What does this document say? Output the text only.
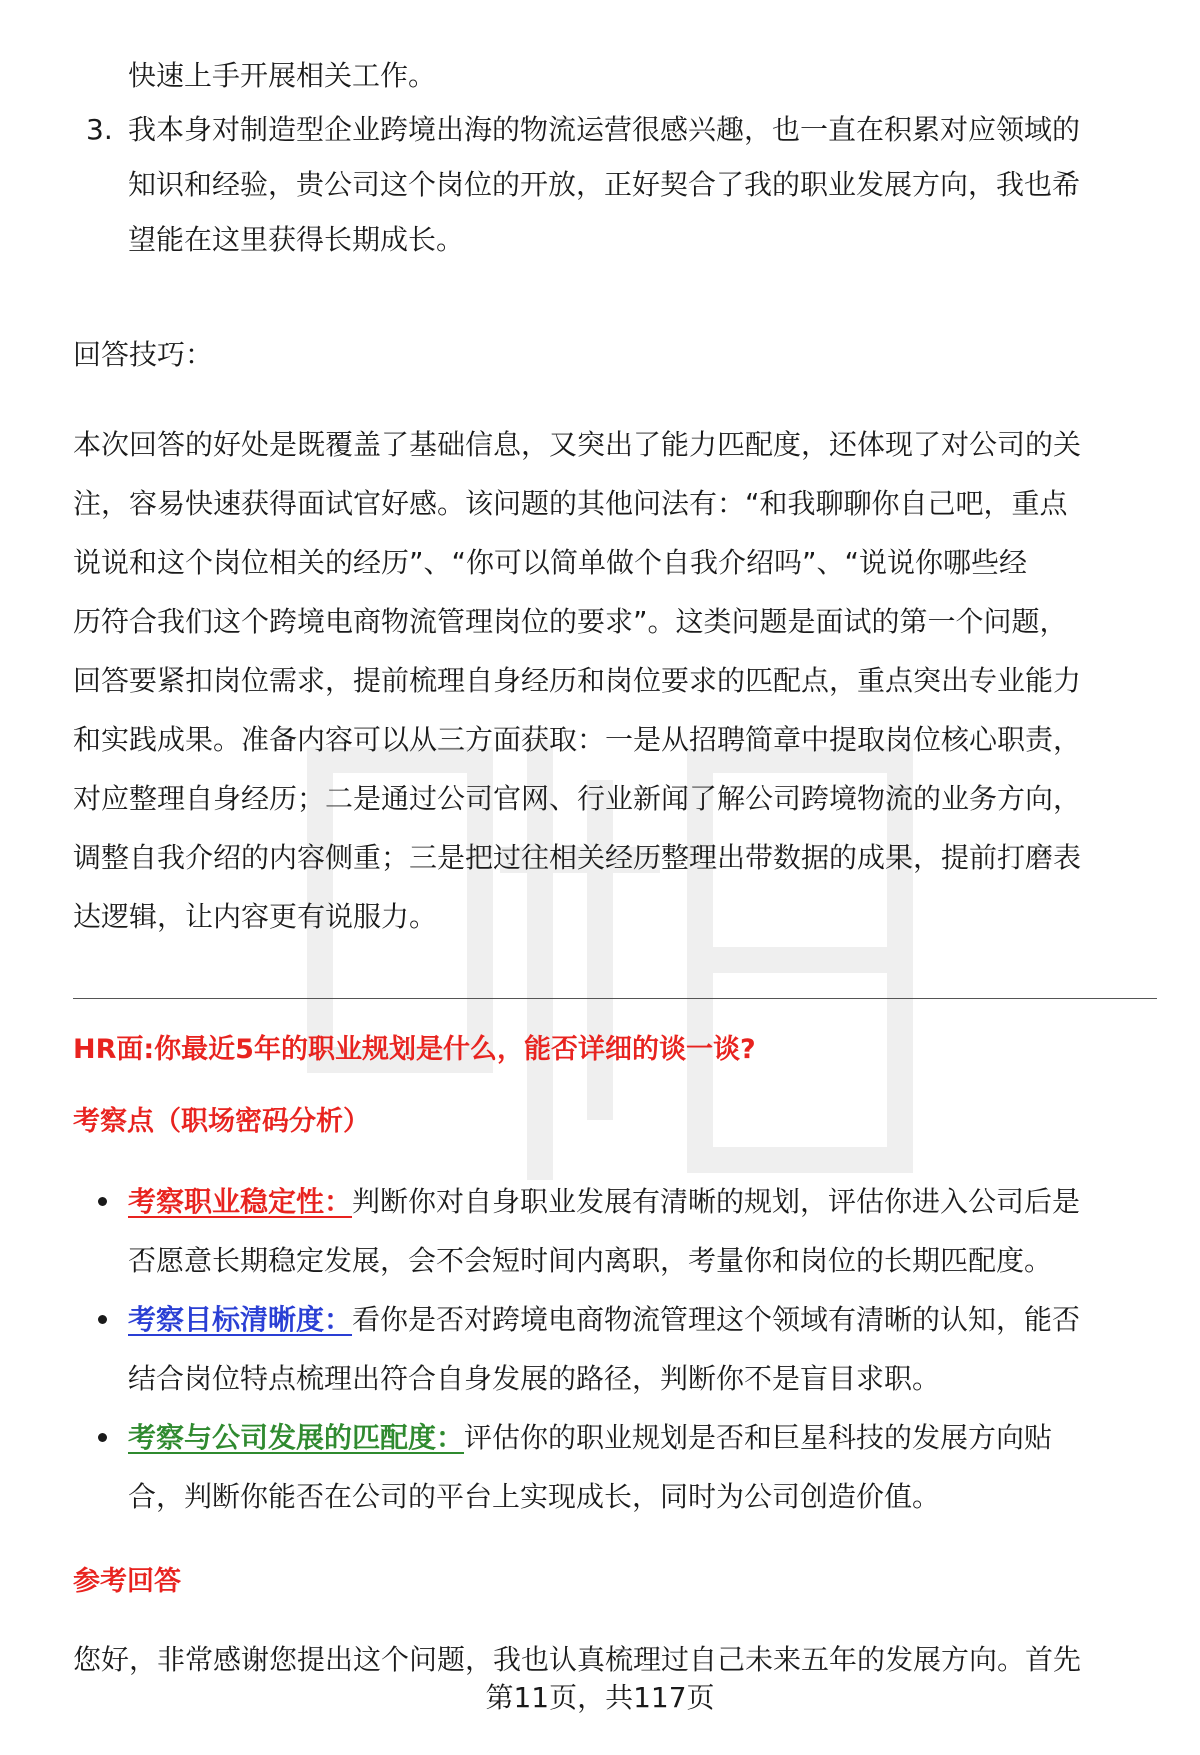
快速上手开展相关工作。

3. 我本身对制造型企业跨境出海的物流运营很感兴趣，也一直在积累对应领域的

知识和经验，贵公司这个岗位的开放，正好契合了我的职业发展方向，我也希

望能在这里获得长期成长。

回答技巧：

本次回答的好处是既覆盖了基础信息，又突出了能力匹配度，还体现了对公司的关

注，容易快速获得面试官好感。该问题的其他问法有：“和我聊聊你自己吧，重点

说说和这个岗位相关的经历”、“你可以简单做个自我介绍吗”、“说说你哪些经

历符合我们这个跨境电商物流管理岗位的要求”。这类问题是面试的第一个问题，

回答要紧扣岗位需求，提前梳理自身经历和岗位要求的匹配点，重点突出专业能力

和实践成果。准备内容可以从三方面获取：一是从招聘简章中提取岗位核心职责，

对应整理自身经历；二是通过公司官网、行业新闻了解公司跨境物流的业务方向，

调整自我介绍的内容侧重；三是把过往相关经历整理出带数据的成果，提前打磨表

达逻辑，让内容更有说服力。

HR面:你最近5年的职业规划是什么，能否详细的谈一谈?

考察点（职场密码分析）

考察职业稳定性：判断你对自身职业发展有清晰的规划，评估你进入公司后是

否愿意长期稳定发展，会不会短时间内离职，考量你和岗位的长期匹配度。

考察目标清晰度：看你是否对跨境电商物流管理这个领域有清晰的认知，能否

结合岗位特点梳理出符合自身发展的路径，判断你不是盲目求职。

考察与公司发展的匹配度：评估你的职业规划是否和巨星科技的发展方向贴

合，判断你能否在公司的平台上实现成长，同时为公司创造价值。

参考回答

您好，非常感谢您提出这个问题，我也认真梳理过自己未来五年的发展方向。首先

第11页，共117页
